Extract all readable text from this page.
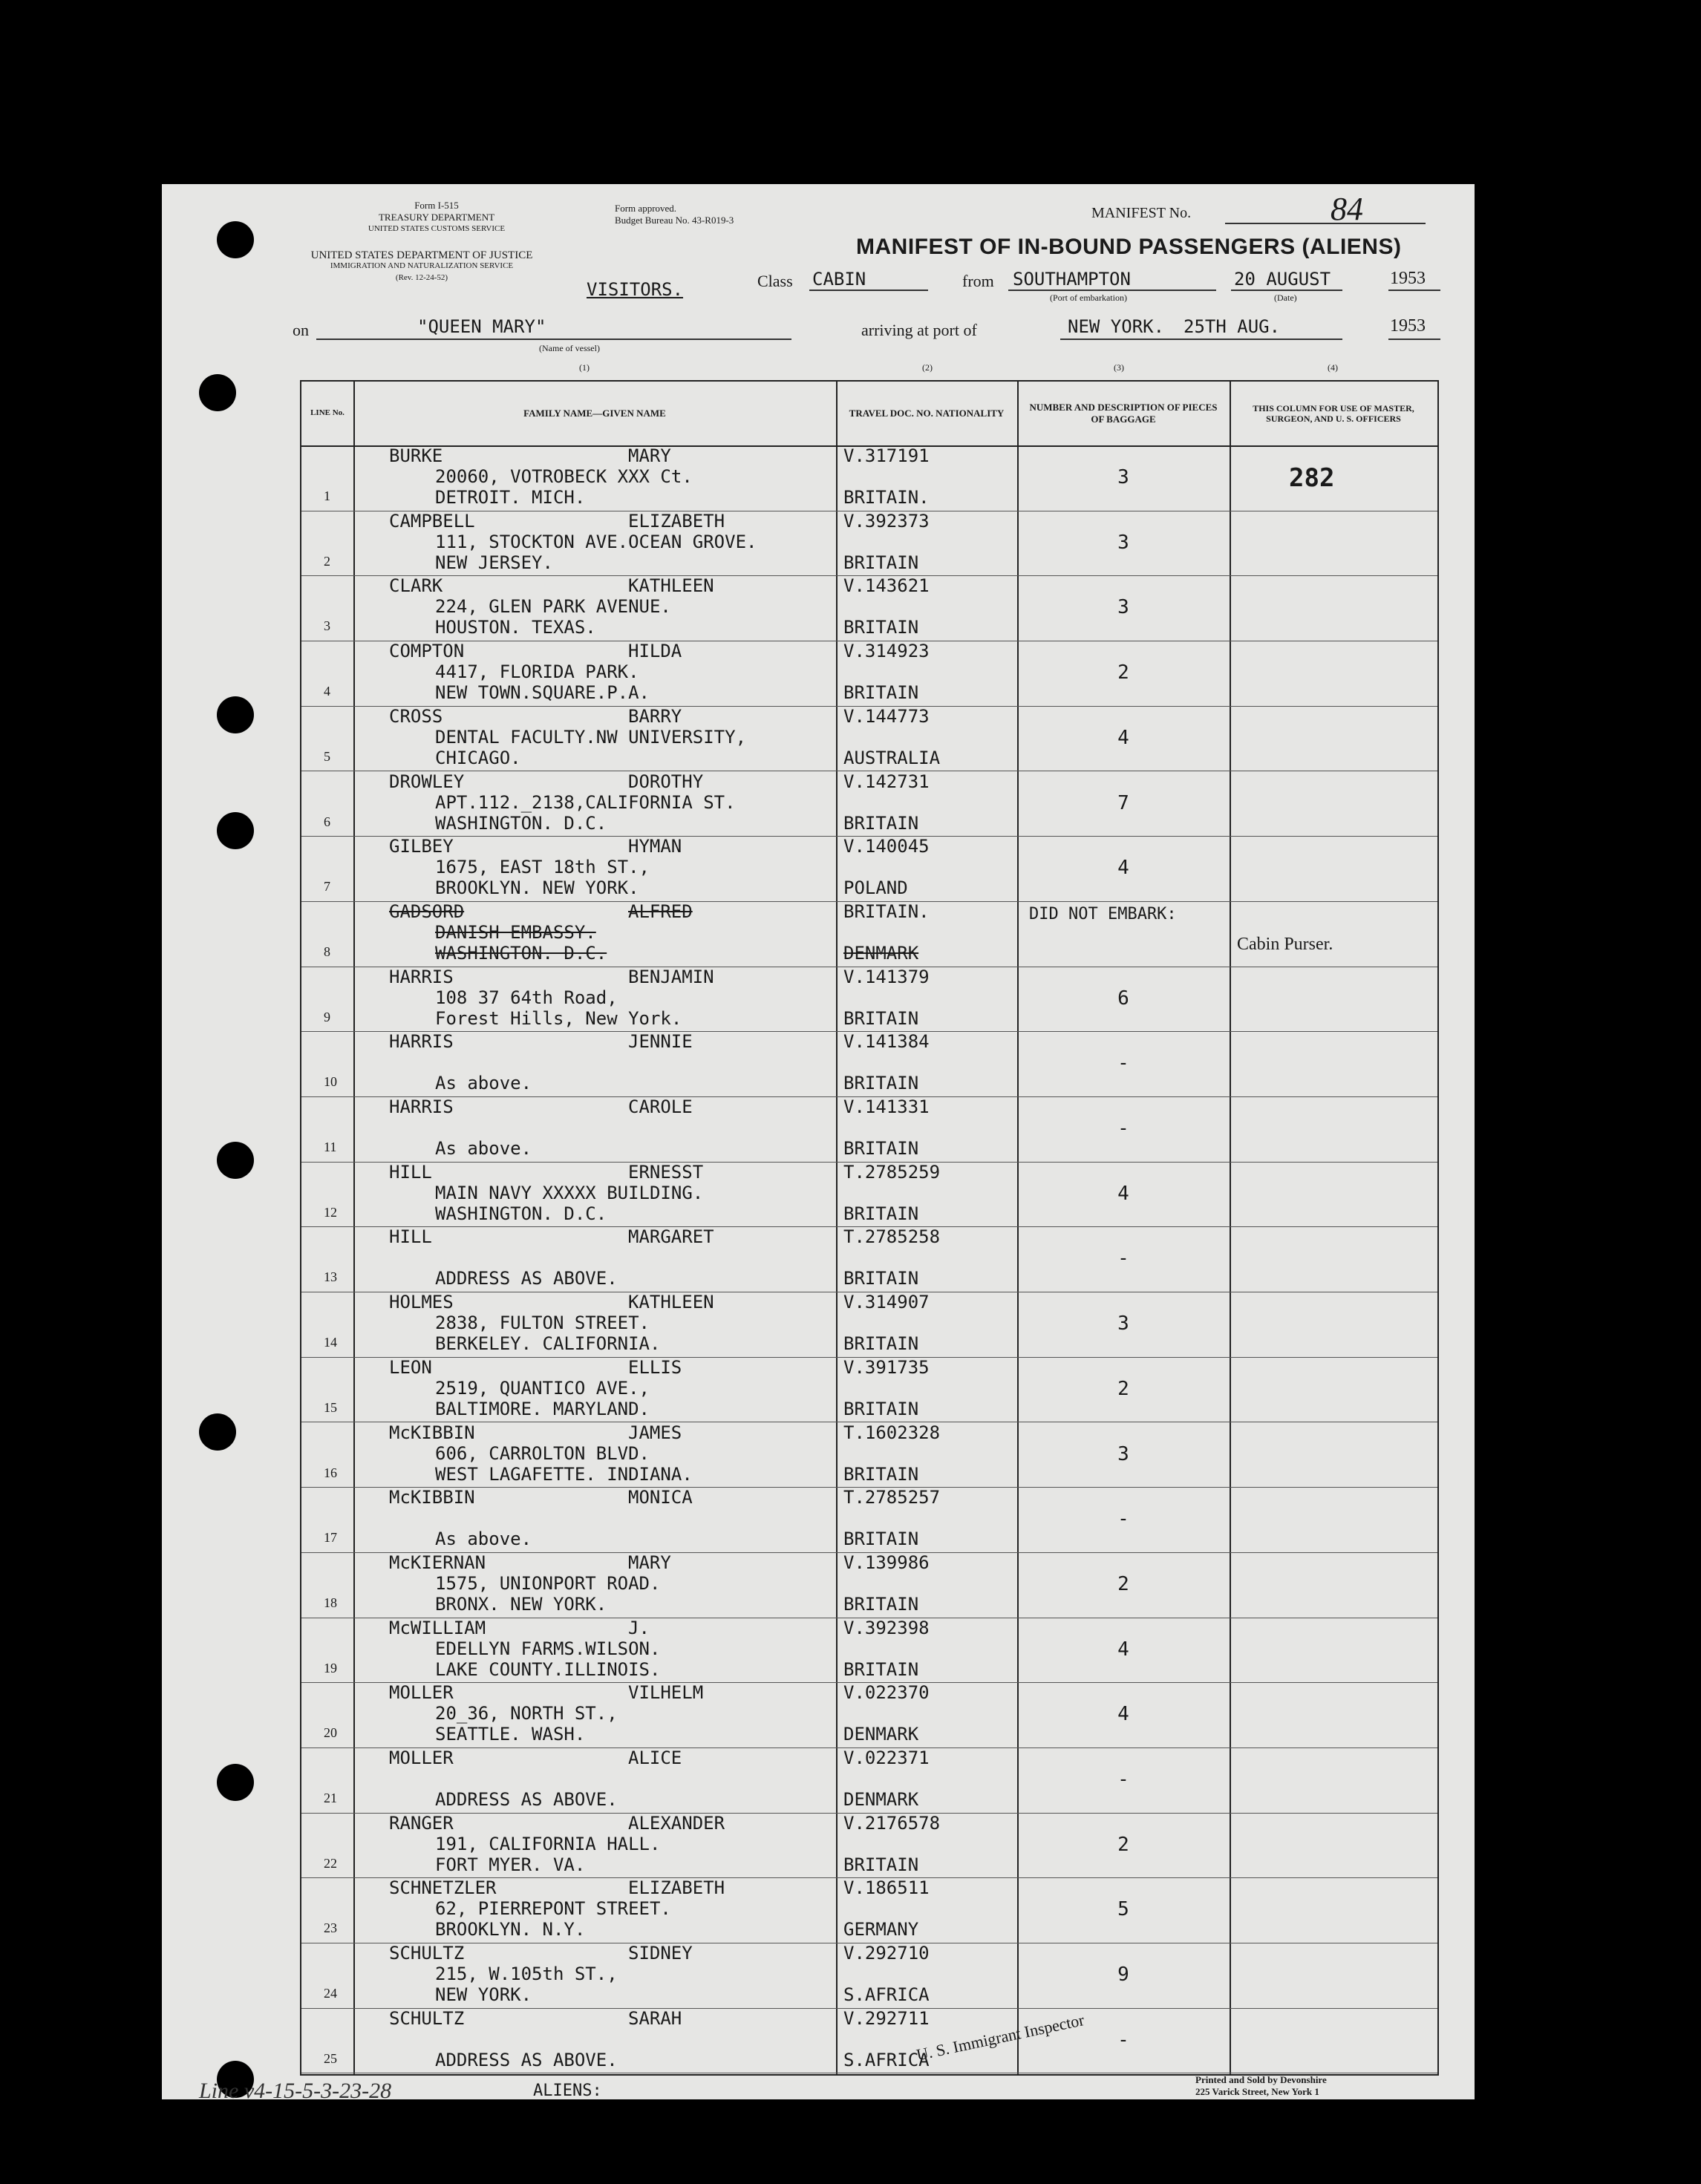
Form I-515
TREASURY DEPARTMENT
UNITED STATES CUSTOMS SERVICE
Form approved.
Budget Bureau No. 43-R019-3
UNITED STATES DEPARTMENT OF JUSTICE
IMMIGRATION AND NATURALIZATION SERVICE
(Rev. 12-24-52)
MANIFEST No.	84
MANIFEST OF IN-BOUND PASSENGERS (ALIENS)
VISITORS.	Class CABIN	from SOUTHAMPTON
(Port of embarkation)
20 AUGUST
(Date)
1953
on	"QUEEN MARY"
(Name of vessel)
arriving at port of	NEW YORK. 25TH AUG.	1953
(1)	(2)	(3)	(4)
LINE No.	FAMILY NAME—GIVEN NAME	TRAVEL DOC. NO. NATIONALITY
NUMBER AND DESCRIPTION OF PIECES OF BAGGAGE
THIS COLUMN FOR USE OF MASTER, SURGEON, AND U. S. OFFICERS
1
BURKE	MARY
20060, VOTROBECK XXX Ct.
DETROIT. MICH.
V.317191
BRITAIN.
3	282
2
CAMPBELL	ELIZABETH
111, STOCKTON AVE.OCEAN GROVE.
NEW JERSEY.
V.392373
BRITAIN
3
3
CLARK	KATHLEEN
224, GLEN PARK AVENUE.
HOUSTON. TEXAS.
V.143621
BRITAIN
3
4
COMPTON	HILDA
4417, FLORIDA PARK.
NEW TOWN.SQUARE.P.A.
V.314923
BRITAIN
2
5
CROSS	BARRY
DENTAL FACULTY.NW UNIVERSITY,
CHICAGO.
V.144773
AUSTRALIA
4
6
DROWLEY	DOROTHY
APT.112._2138,CALIFORNIA ST.
WASHINGTON. D.C.
V.142731
BRITAIN
7
7
GILBEY	HYMAN
1675, EAST 18th ST.,
BROOKLYN. NEW YORK.
V.140045
POLAND
4
8
GADSORD	ALFRED
DANISH EMBASSY.
WASHINGTON. D.C.
BRITAIN.
DENMARK
DID NOT EMBARK:
Cabin Purser.
9
HARRIS	BENJAMIN
108 37 64th Road,
Forest Hills, New York.
V.141379
BRITAIN
6
10
HARRIS	JENNIE
As above.
V.141384
BRITAIN
-
11
HARRIS	CAROLE
As above.
V.141331
BRITAIN
-
12
HILL	ERNESST
MAIN NAVY XXXXX BUILDING.
WASHINGTON. D.C.
T.2785259
BRITAIN
4
13
HILL	MARGARET
ADDRESS AS ABOVE.
T.2785258
BRITAIN
-
14
HOLMES	KATHLEEN
2838, FULTON STREET.
BERKELEY. CALIFORNIA.
V.314907
BRITAIN
3
15
LEON	ELLIS
2519, QUANTICO AVE.,
BALTIMORE. MARYLAND.
V.391735
BRITAIN
2
16
McKIBBIN	JAMES
606, CARROLTON BLVD.
WEST LAGAFETTE. INDIANA.
T.1602328
BRITAIN
3
17
McKIBBIN	MONICA
As above.
T.2785257
BRITAIN
-
18
McKIERNAN	MARY
1575, UNIONPORT ROAD.
BRONX. NEW YORK.
V.139986
BRITAIN
2
19
McWILLIAM	J.
EDELLYN FARMS.WILSON.
LAKE COUNTY.ILLINOIS.
V.392398
BRITAIN
4
20
MOLLER	VILHELM
20_36, NORTH ST.,
SEATTLE. WASH.
V.022370
DENMARK
4
21
MOLLER	ALICE
ADDRESS AS ABOVE.
V.022371
DENMARK
-
22
RANGER	ALEXANDER
191, CALIFORNIA HALL.
FORT MYER. VA.
V.2176578
BRITAIN
2
23
SCHNETZLER	ELIZABETH
62, PIERREPONT STREET.
BROOKLYN. N.Y.
V.186511
GERMANY
5
24
SCHULTZ	SIDNEY
215, W.105th ST.,
NEW YORK.
V.292710
S.AFRICA
9
25
SCHULTZ	SARAH
ADDRESS AS ABOVE.
V.292711
S.AFRICA
-
Line v4-15-5-3-23-28	ALIENS:
U. S. Immigrant Inspector
Printed and Sold by Devonshire
225 Varick Street, New York 1
